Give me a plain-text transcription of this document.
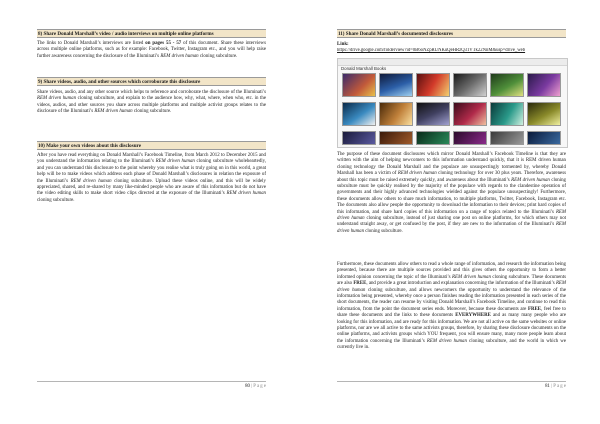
8) Share Donald Marshall’s video / audio interviews on multiple online platforms
The links to Donald Marshall’s interviews are listed on pages 55 - 57 of this document. Share these interviews across multiple online platforms, such as for example: Facebook, Twitter, Instagram etc., and you will help raise further awareness concerning the disclosure of the Illuminati’s REM driven human cloning subculture.
9) Share videos, audio, and other sources which corroborate this disclosure
Share videos, audio, and any other source which helps to reference and corroborate the disclosure of the Illuminati’s REM driven human cloning subculture, and explain to the audience how, why, what, where, when who, etc. in the videos, audios, and other sources you share across multiple platforms and multiple activist groups relates to the disclosure of the Illuminati’s REM driven human cloning subculture.
10) Make your own videos about this disclosure
After you have read everything on Donald Marshall’s Facebook Timeline, from March 2012 to December 2015 and you understand the information relating to the Illuminati’s REM driven human cloning subculture wholeheartedly, and you can understand this disclosure to the point whereby you realise what is truly going on in this world, a great help will be to make videos which address each phase of Donald Marshall’s disclosures in relation the exposure of the Illuminati’s REM driven human cloning subculture. Upload these videos online, and this will be widely appreciated, shared, and re-shared by many like-minded people who are aware of this information but do not have the video editing skills to make short video clips directed at the exposure of the Illuminati’s REM driven human cloning subculture.
80 | P a g e
11) Share Donald Marshall’s documented disclosures
Link:
https://drive.google.com/folderview?id=0B6oNZpRUNKuQeHRzQ31VTk22NnM&usp=drive_web
Donald Marshall Books
The purpose of these document disclosures which mirror Donald Marshall’s Facebook Timeline is that they are written with the aim of helping newcomers to this information understand quickly, that it is REM driven human cloning technology the Donald Marshall and the populace are unsuspectingly tormented by, whereby Donald Marshall has been a victim of REM driven human cloning technology for over 30 plus years. Therefore, awareness about this topic must be raised extremely quickly, and awareness about the Illuminati’s REM driven human cloning subculture must be quickly realised by the majority of the populace with regards to the clandestine operation of governments and their highly advanced technologies wielded against the populace unsuspectingly! Furthermore, these documents allow others to share much information, to multiple platforms, Twitter, Facebook, Instagram etc. The documents also allow people the opportunity to download the information to their devices; print hard copies of this information, and share hard copies of this information on a range of topics related to the Illuminati’s REM driven human cloning subculture, instead of just sharing one post on online platforms, for which others may not understand straight away, or get confused by the post, if they are new to the information of the Illuminati’s REM driven human cloning subculture.
Furthermore, these documents allow others to read a whole range of information, and research the information being presented, because there are multiple sources provided and this gives others the opportunity to form a better informed opinion concerning the topic of the Illuminati’s REM driven human cloning subculture. These documents are also FREE, and provide a great introduction and explanation concerning the information of the Illuminati’s REM driven human cloning subculture, and allows newcomers the opportunity to understand the relevance of the information being presented, whereby once a person finishes reading the information presented in each series of the short documents, the reader can resume by visiting Donald Marshall’s Facebook Timeline, and continue to read this information, from the point the document series ends. Moreover, because these documents are FREE, feel free to share these documents and the links to these documents EVERYWHERE and as many many people who are looking for this information, and are ready for this information. We are not all active on the same websites or online platforms, nor are we all active to the same activists groups, therefore, by sharing these disclosure documents on the online platforms, and activists groups which YOU frequent, you will ensure many, many more people learn about the information concerning the Illuminati’s REM driven human cloning subculture, and the world in which we currently live in.
81 | P a g e
